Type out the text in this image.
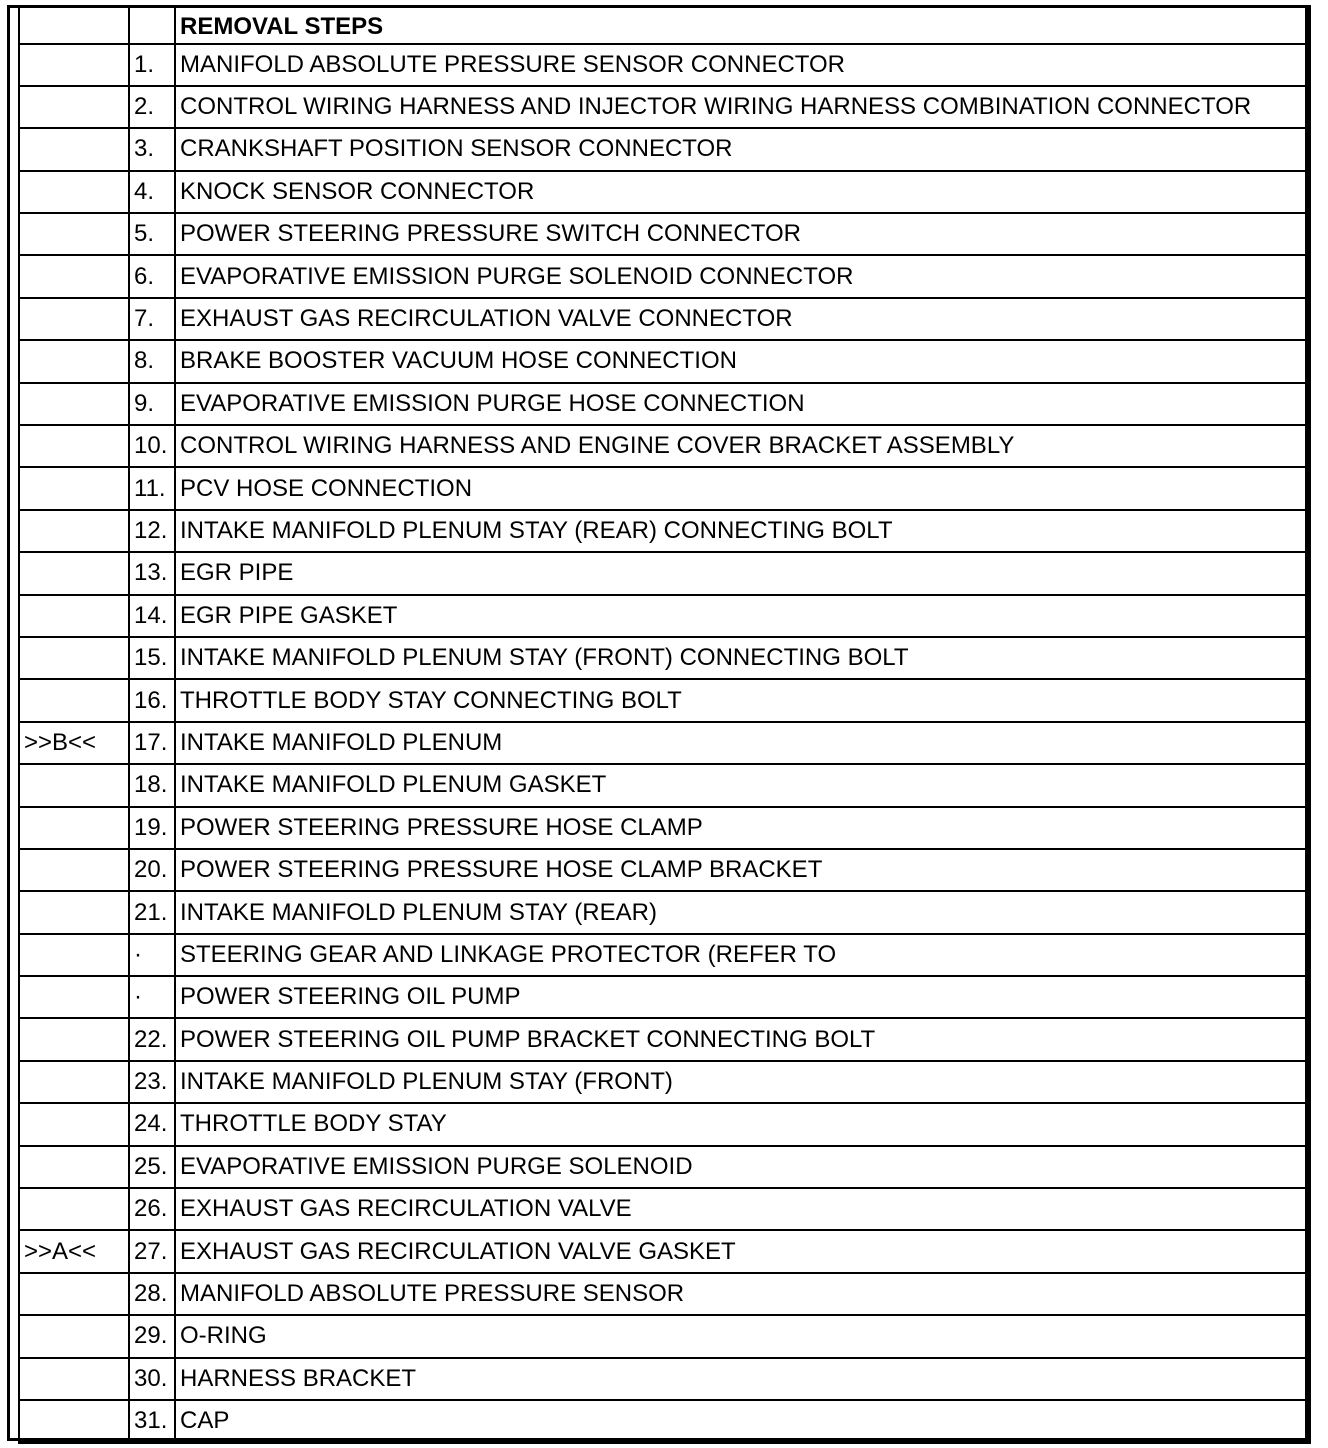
		REMOVAL STEPS
	1.	MANIFOLD ABSOLUTE PRESSURE SENSOR CONNECTOR
	2.	CONTROL WIRING HARNESS AND INJECTOR WIRING HARNESS COMBINATION CONNECTOR
	3.	CRANKSHAFT POSITION SENSOR CONNECTOR
	4.	KNOCK SENSOR CONNECTOR
	5.	POWER STEERING PRESSURE SWITCH CONNECTOR
	6.	EVAPORATIVE EMISSION PURGE SOLENOID CONNECTOR
	7.	EXHAUST GAS RECIRCULATION VALVE CONNECTOR
	8.	BRAKE BOOSTER VACUUM HOSE CONNECTION
	9.	EVAPORATIVE EMISSION PURGE HOSE CONNECTION
	10.	CONTROL WIRING HARNESS AND ENGINE COVER BRACKET ASSEMBLY
	11.	PCV HOSE CONNECTION
	12.	INTAKE MANIFOLD PLENUM STAY (REAR) CONNECTING BOLT
	13.	EGR PIPE
	14.	EGR PIPE GASKET
	15.	INTAKE MANIFOLD PLENUM STAY (FRONT) CONNECTING BOLT
	16.	THROTTLE BODY STAY CONNECTING BOLT
>>B<<	17.	INTAKE MANIFOLD PLENUM
	18.	INTAKE MANIFOLD PLENUM GASKET
	19.	POWER STEERING PRESSURE HOSE CLAMP
	20.	POWER STEERING PRESSURE HOSE CLAMP BRACKET
	21.	INTAKE MANIFOLD PLENUM STAY (REAR)
	·	STEERING GEAR AND LINKAGE PROTECTOR (REFER TO
	·	POWER STEERING OIL PUMP
	22.	POWER STEERING OIL PUMP BRACKET CONNECTING BOLT
	23.	INTAKE MANIFOLD PLENUM STAY (FRONT)
	24.	THROTTLE BODY STAY
	25.	EVAPORATIVE EMISSION PURGE SOLENOID
	26.	EXHAUST GAS RECIRCULATION VALVE
>>A<<	27.	EXHAUST GAS RECIRCULATION VALVE GASKET
	28.	MANIFOLD ABSOLUTE PRESSURE SENSOR
	29.	O-RING
	30.	HARNESS BRACKET
	31.	CAP
